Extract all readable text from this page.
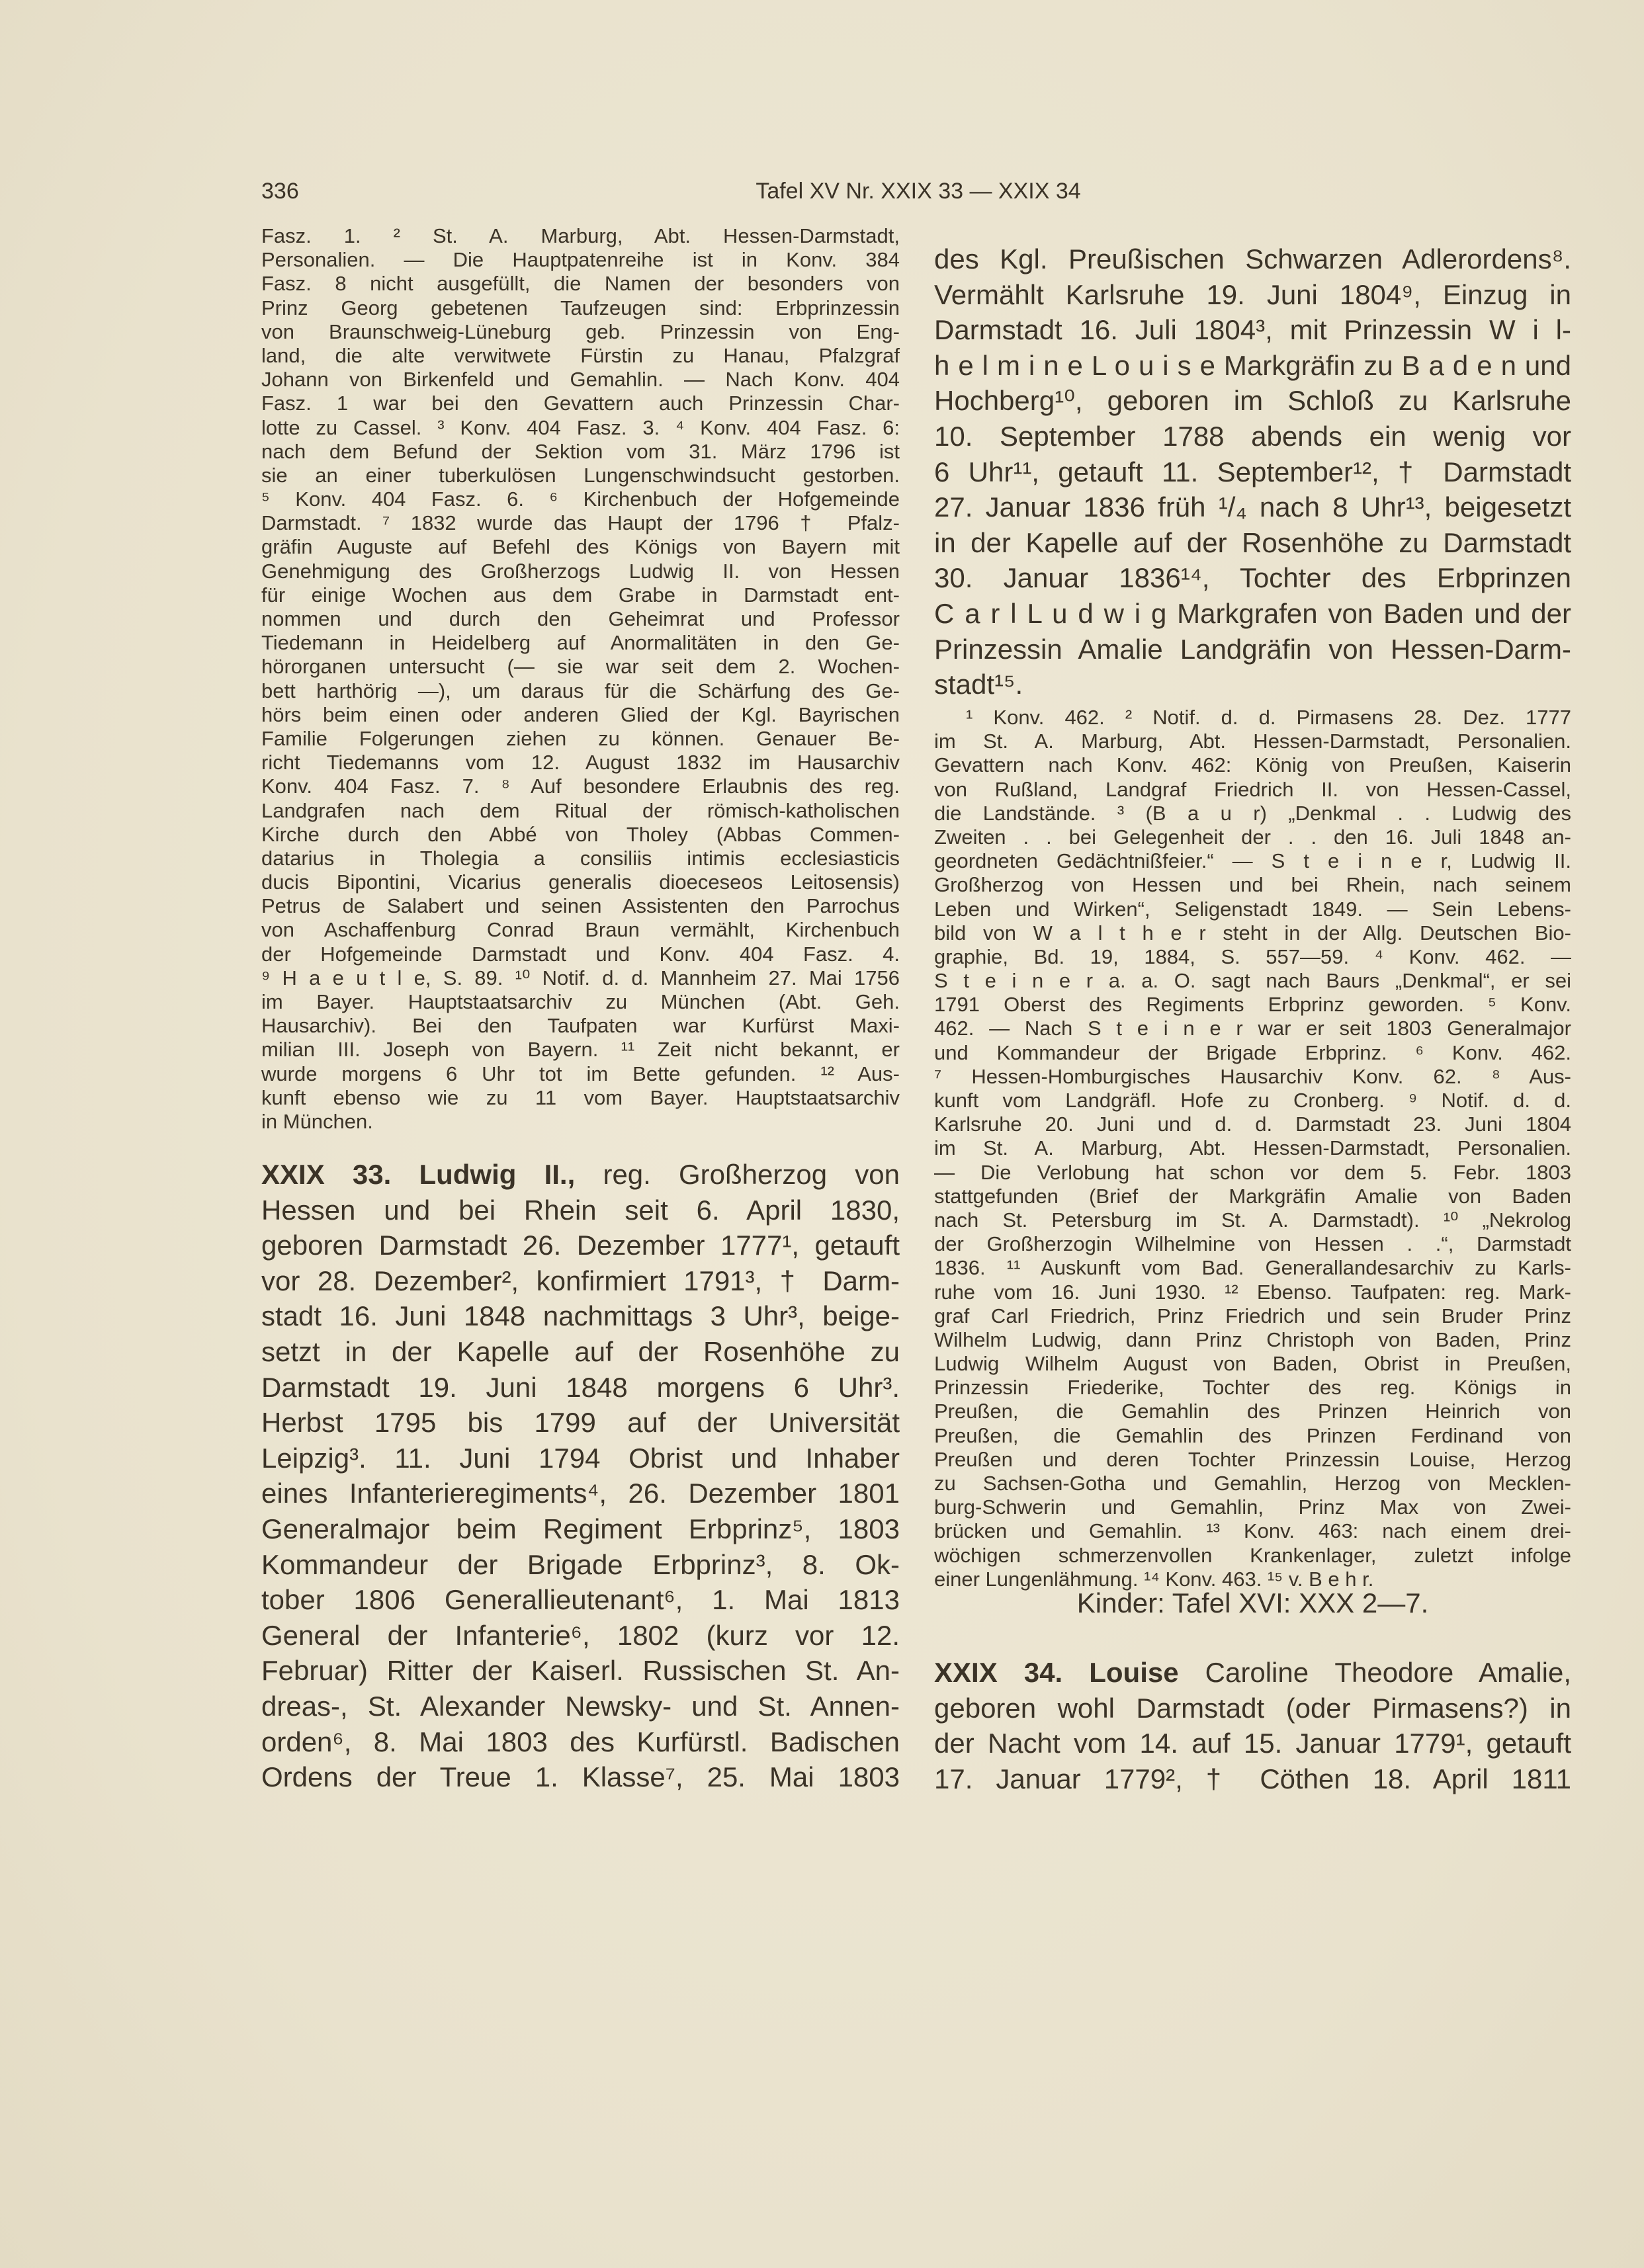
336	Tafel XV Nr. XXIX 33 — XXIX 34
Fasz. 1. ² St. A. Marburg, Abt. Hessen-Darmstadt,
Personalien. — Die Hauptpatenreihe ist in Konv. 384
Fasz. 8 nicht ausgefüllt, die Namen der besonders von
Prinz Georg gebetenen Taufzeugen sind: Erbprinzessin
von Braunschweig-Lüneburg geb. Prinzessin von Eng-
land, die alte verwitwete Fürstin zu Hanau, Pfalzgraf
Johann von Birkenfeld und Gemahlin. — Nach Konv. 404
Fasz. 1 war bei den Gevattern auch Prinzessin Char-
lotte zu Cassel. ³ Konv. 404 Fasz. 3. ⁴ Konv. 404 Fasz. 6:
nach dem Befund der Sektion vom 31. März 1796 ist
sie an einer tuberkulösen Lungenschwindsucht gestorben.
⁵ Konv. 404 Fasz. 6. ⁶ Kirchenbuch der Hofgemeinde
Darmstadt. ⁷ 1832 wurde das Haupt der 1796 † Pfalz-
gräfin Auguste auf Befehl des Königs von Bayern mit
Genehmigung des Großherzogs Ludwig II. von Hessen
für einige Wochen aus dem Grabe in Darmstadt ent-
nommen und durch den Geheimrat und Professor
Tiedemann in Heidelberg auf Anormalitäten in den Ge-
hörorganen untersucht (— sie war seit dem 2. Wochen-
bett harthörig —), um daraus für die Schärfung des Ge-
hörs beim einen oder anderen Glied der Kgl. Bayrischen
Familie Folgerungen ziehen zu können. Genauer Be-
richt Tiedemanns vom 12. August 1832 im Hausarchiv
Konv. 404 Fasz. 7. ⁸ Auf besondere Erlaubnis des reg.
Landgrafen nach dem Ritual der römisch-katholischen
Kirche durch den Abbé von Tholey (Abbas Commen-
datarius in Tholegia a consiliis intimis ecclesiasticis
ducis Bipontini, Vicarius generalis dioeceseos Leitosensis)
Petrus de Salabert und seinen Assistenten den Parrochus
von Aschaffenburg Conrad Braun vermählt, Kirchenbuch
der Hofgemeinde Darmstadt und Konv. 404 Fasz. 4.
⁹ H a e u t l e, S. 89. ¹⁰ Notif. d. d. Mannheim 27. Mai 1756
im Bayer. Hauptstaatsarchiv zu München (Abt. Geh.
Hausarchiv). Bei den Taufpaten war Kurfürst Maxi-
milian III. Joseph von Bayern. ¹¹ Zeit nicht bekannt, er
wurde morgens 6 Uhr tot im Bette gefunden. ¹² Aus-
kunft ebenso wie zu 11 vom Bayer. Hauptstaatsarchiv
in München.
XXIX 33. Ludwig II., reg. Großherzog von
Hessen und bei Rhein seit 6. April 1830,
geboren Darmstadt 26. Dezember 1777¹, getauft
vor 28. Dezember², konfirmiert 1791³, † Darm-
stadt 16. Juni 1848 nachmittags 3 Uhr³, beige-
setzt in der Kapelle auf der Rosenhöhe zu
Darmstadt 19. Juni 1848 morgens 6 Uhr³.
Herbst 1795 bis 1799 auf der Universität
Leipzig³. 11. Juni 1794 Obrist und Inhaber
eines Infanterieregiments⁴, 26. Dezember 1801
Generalmajor beim Regiment Erbprinz⁵, 1803
Kommandeur der Brigade Erbprinz³, 8. Ok-
tober 1806 Generallieutenant⁶, 1. Mai 1813
General der Infanterie⁶, 1802 (kurz vor 12.
Februar) Ritter der Kaiserl. Russischen St. An-
dreas-, St. Alexander Newsky- und St. Annen-
orden⁶, 8. Mai 1803 des Kurfürstl. Badischen
Ordens der Treue 1. Klasse⁷, 25. Mai 1803
des Kgl. Preußischen Schwarzen Adlerordens⁸.
Vermählt Karlsruhe 19. Juni 1804⁹, Einzug in
Darmstadt 16. Juli 1804³, mit Prinzessin W i l-
h e l m i n e L o u i s e Markgräfin zu B a d e n und
Hochberg¹⁰, geboren im Schloß zu Karlsruhe
10. September 1788 abends ein wenig vor
6 Uhr¹¹, getauft 11. September¹², † Darmstadt
27. Januar 1836 früh ¹/₄ nach 8 Uhr¹³, beigesetzt
in der Kapelle auf der Rosenhöhe zu Darmstadt
30. Januar 1836¹⁴, Tochter des Erbprinzen
C a r l L u d w i g Markgrafen von Baden und der
Prinzessin Amalie Landgräfin von Hessen-Darm-
stadt¹⁵.
¹ Konv. 462. ² Notif. d. d. Pirmasens 28. Dez. 1777
im St. A. Marburg, Abt. Hessen-Darmstadt, Personalien.
Gevattern nach Konv. 462: König von Preußen, Kaiserin
von Rußland, Landgraf Friedrich II. von Hessen-Cassel,
die Landstände. ³ (B a u r) „Denkmal . . Ludwig des
Zweiten . . bei Gelegenheit der . . den 16. Juli 1848 an-
geordneten Gedächtnißfeier.“ — S t e i n e r, Ludwig II.
Großherzog von Hessen und bei Rhein, nach seinem
Leben und Wirken“, Seligenstadt 1849. — Sein Lebens-
bild von W a l t h e r steht in der Allg. Deutschen Bio-
graphie, Bd. 19, 1884, S. 557—59. ⁴ Konv. 462. —
S t e i n e r a. a. O. sagt nach Baurs „Denkmal“, er sei
1791 Oberst des Regiments Erbprinz geworden. ⁵ Konv.
462. — Nach S t e i n e r war er seit 1803 Generalmajor
und Kommandeur der Brigade Erbprinz. ⁶ Konv. 462.
⁷ Hessen-Homburgisches Hausarchiv Konv. 62. ⁸ Aus-
kunft vom Landgräfl. Hofe zu Cronberg. ⁹ Notif. d. d.
Karlsruhe 20. Juni und d. d. Darmstadt 23. Juni 1804
im St. A. Marburg, Abt. Hessen-Darmstadt, Personalien.
— Die Verlobung hat schon vor dem 5. Febr. 1803
stattgefunden (Brief der Markgräfin Amalie von Baden
nach St. Petersburg im St. A. Darmstadt). ¹⁰ „Nekrolog
der Großherzogin Wilhelmine von Hessen . .“, Darmstadt
1836. ¹¹ Auskunft vom Bad. Generallandesarchiv zu Karls-
ruhe vom 16. Juni 1930. ¹² Ebenso. Taufpaten: reg. Mark-
graf Carl Friedrich, Prinz Friedrich und sein Bruder Prinz
Wilhelm Ludwig, dann Prinz Christoph von Baden, Prinz
Ludwig Wilhelm August von Baden, Obrist in Preußen,
Prinzessin Friederike, Tochter des reg. Königs in
Preußen, die Gemahlin des Prinzen Heinrich von
Preußen, die Gemahlin des Prinzen Ferdinand von
Preußen und deren Tochter Prinzessin Louise, Herzog
zu Sachsen-Gotha und Gemahlin, Herzog von Mecklen-
burg-Schwerin und Gemahlin, Prinz Max von Zwei-
brücken und Gemahlin. ¹³ Konv. 463: nach einem drei-
wöchigen schmerzenvollen Krankenlager, zuletzt infolge
einer Lungenlähmung. ¹⁴ Konv. 463. ¹⁵ v. B e h r.
Kinder: Tafel XVI: XXX 2—7.
XXIX 34. Louise Caroline Theodore Amalie,
geboren wohl Darmstadt (oder Pirmasens?) in
der Nacht vom 14. auf 15. Januar 1779¹, getauft
17. Januar 1779², † Cöthen 18. April 1811
